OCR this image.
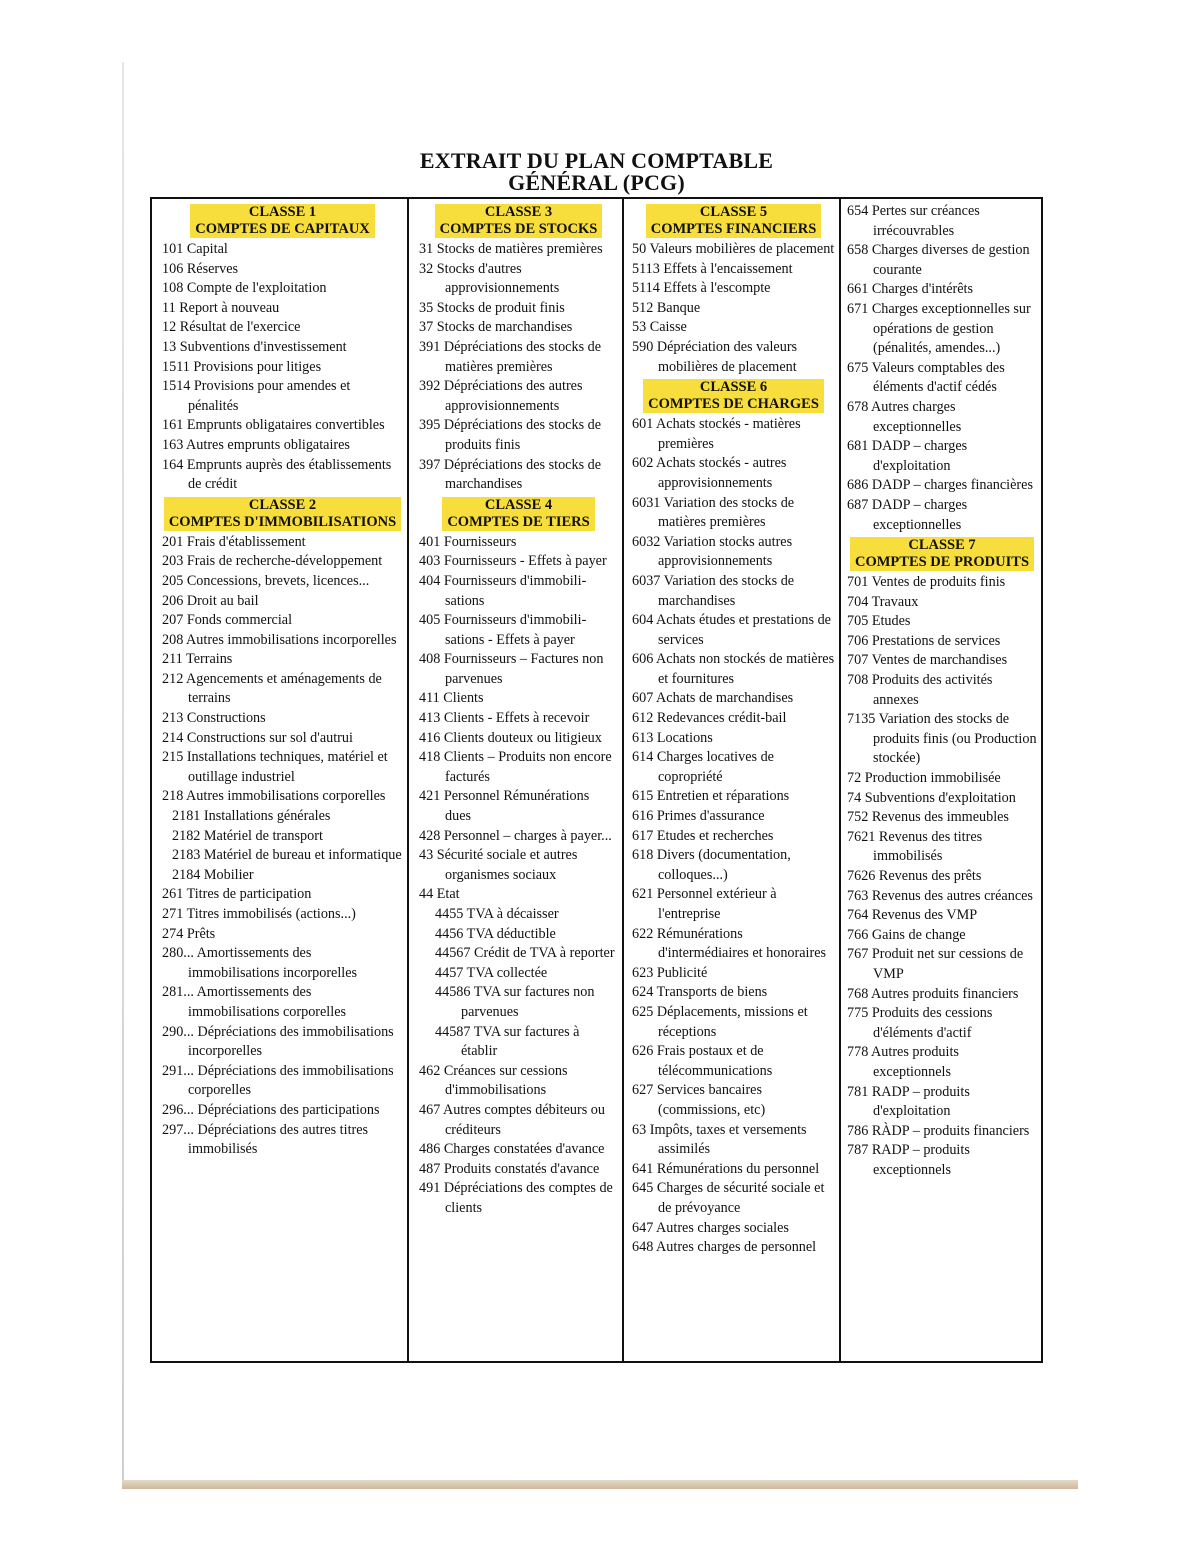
EXTRAIT DU PLAN COMPTABLE
GÉNÉRAL (PCG)
CLASSE 1
COMPTES DE CAPITAUX
101 Capital
106 Réserves
108 Compte de l'exploitation
11 Report à nouveau
12 Résultat de l'exercice
13 Subventions d'investissement
1511 Provisions pour litiges
1514 Provisions pour amendes et pénalités
161 Emprunts obligataires convertibles
163 Autres emprunts obligataires
164 Emprunts auprès des établissements de crédit
CLASSE 2
COMPTES D'IMMOBILISATIONS
201 Frais d'établissement
203 Frais de recherche-développement
205 Concessions, brevets, licences...
206 Droit au bail
207 Fonds commercial
208 Autres immobilisations incorporelles
211 Terrains
212 Agencements et aménagements de terrains
213 Constructions
214 Constructions sur sol d'autrui
215 Installations techniques, matériel et outillage industriel
218 Autres immobilisations corporelles
2181 Installations générales
2182 Matériel de transport
2183 Matériel de bureau et informatique
2184 Mobilier
261 Titres de participation
271 Titres immobilisés (actions...)
274 Prêts
280... Amortissements des immobilisations incorporelles
281... Amortissements des immobilisations corporelles
290... Dépréciations des immobilisations incorporelles
291... Dépréciations des immobilisations corporelles
296... Dépréciations des participations
297... Dépréciations des autres titres immobilisés
CLASSE 3
COMPTES DE STOCKS
31 Stocks de matières premières
32 Stocks d'autres approvisionnements
35 Stocks de produit finis
37 Stocks de marchandises
391 Dépréciations des stocks de matières premières
392 Dépréciations des autres approvisionnements
395 Dépréciations des stocks de produits finis
397 Dépréciations des stocks de marchandises
CLASSE 4
COMPTES DE TIERS
401 Fournisseurs
403 Fournisseurs - Effets à payer
404 Fournisseurs d'immobili-sations
405 Fournisseurs d'immobili-sations - Effets à payer
408 Fournisseurs – Factures non parvenues
411 Clients
413 Clients - Effets à recevoir
416 Clients douteux ou litigieux
418 Clients – Produits non encore facturés
421 Personnel Rémunérations dues
428 Personnel – charges à payer...
43 Sécurité sociale et autres organismes sociaux
44 Etat
4455 TVA à décaisser
4456 TVA déductible
44567 Crédit de TVA à reporter
4457 TVA collectée
44586 TVA sur factures non parvenues
44587 TVA sur factures à établir
462 Créances sur cessions d'immobilisations
467 Autres comptes débiteurs ou créditeurs
486 Charges constatées d'avance
487 Produits constatés d'avance
491 Dépréciations des comptes de clients
CLASSE 5
COMPTES FINANCIERS
50 Valeurs mobilières de placement
5113 Effets à l'encaissement
5114 Effets à l'escompte
512 Banque
53 Caisse
590 Dépréciation des valeurs mobilières de placement
CLASSE 6
COMPTES DE CHARGES
601 Achats stockés - matières premières
602 Achats stockés - autres approvisionnements
6031 Variation des stocks de matières premières
6032 Variation stocks autres approvisionnements
6037 Variation des stocks de marchandises
604 Achats études et prestations de services
606 Achats non stockés de matières et fournitures
607 Achats de marchandises
612 Redevances crédit-bail
613 Locations
614 Charges locatives de copropriété
615 Entretien et réparations
616 Primes d'assurance
617 Etudes et recherches
618 Divers (documentation, colloques...)
621 Personnel extérieur à l'entreprise
622 Rémunérations d'intermédiaires et honoraires
623 Publicité
624 Transports de biens
625 Déplacements, missions et réceptions
626 Frais postaux et de télécommunications
627 Services bancaires (commissions, etc)
63 Impôts, taxes et versements assimilés
641 Rémunérations du personnel
645 Charges de sécurité sociale et de prévoyance
647 Autres charges sociales
648 Autres charges de personnel
654 Pertes sur créances irrécouvrables
658 Charges diverses de gestion courante
661 Charges d'intérêts
671 Charges exceptionnelles sur opérations de gestion (pénalités, amendes...)
675 Valeurs comptables des éléments d'actif cédés
678 Autres charges exceptionnelles
681 DADP – charges d'exploitation
686 DADP – charges financières
687 DADP – charges exceptionnelles
CLASSE 7
COMPTES DE PRODUITS
701 Ventes de produits finis
704 Travaux
705 Etudes
706 Prestations de services
707 Ventes de marchandises
708 Produits des activités annexes
7135 Variation des stocks de produits finis (ou Production stockée)
72 Production immobilisée
74 Subventions d'exploitation
752 Revenus des immeubles
7621 Revenus des titres immobilisés
7626 Revenus des prêts
763 Revenus des autres créances
764 Revenus des VMP
766 Gains de change
767 Produit net sur cessions de VMP
768 Autres produits financiers
775 Produits des cessions d'éléments d'actif
778 Autres produits exceptionnels
781 RADP – produits d'exploitation
786 RÀDP – produits financiers
787 RADP – produits exceptionnels
